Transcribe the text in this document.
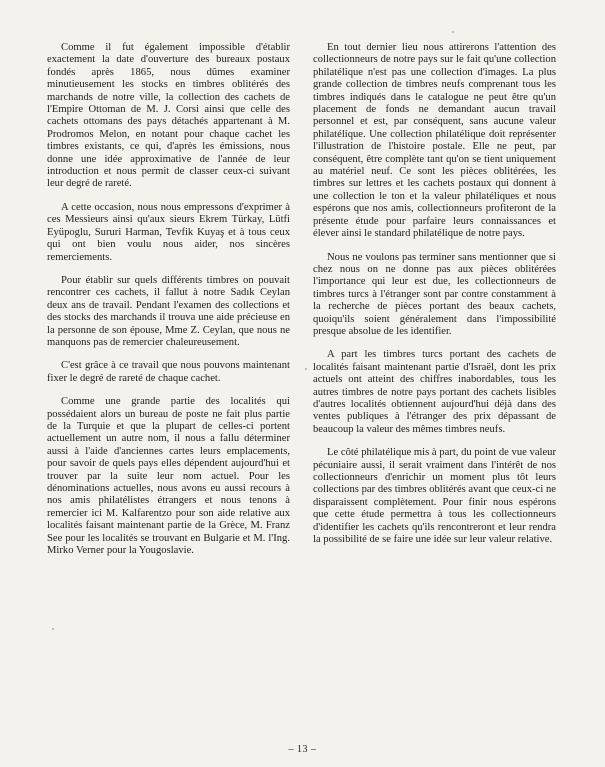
Comme il fut également impossible d'établir exactement la date d'ouverture des bureaux postaux fondés après 1865, nous dûmes examiner minutieusement les stocks en timbres oblitérés des marchands de notre ville, la collection des cachets de l'Empire Ottoman de M. J. Corsi ainsi que celle des cachets ottomans des pays détachés appartenant à M. Prodromos Melon, en notant pour chaque cachet les timbres existants, ce qui, d'après les émissions, nous donne une idée approximative de l'année de leur introduction et nous permit de classer ceux-ci suivant leur degré de rareté.

A cette occasion, nous nous empressons d'exprimer à ces Messieurs ainsi qu'aux sieurs Ekrem Türkay, Lütfi Eyüpoglu, Sururi Harman, Tevfik Kuyaş et à tous ceux qui ont bien voulu nous aider, nos sincères remerciements.

Pour établir sur quels différents timbres on pouvait rencontrer ces cachets, il fallut à notre Sadık Ceylan deux ans de travail. Pendant l'examen des collections et des stocks des marchands il trouva une aide précieuse en la personne de son épouse, Mme Z. Ceylan, que nous ne manquons pas de remercier chaleureusement.

C'est grâce à ce travail que nous pouvons maintenant fixer le degré de rareté de chaque cachet.

Comme une grande partie des localités qui possédaient alors un bureau de poste ne fait plus partie de la Turquie et que la plupart de celles-ci portent actuellement un autre nom, il nous a fallu déterminer aussi à l'aide d'anciennes cartes leurs emplacements, pour savoir de quels pays elles dépendent aujourd'hui et trouver par la suite leur nom actuel. Pour les dénominations actuelles, nous avons eu aussi recours à nos amis philatélistes étrangers et nous tenons à remercier ici M. Kalfarentzo pour son aide relative aux localités faisant maintenant partie de la Grèce, M. Franz See pour les localités se trouvant en Bulgarie et M. l'Ing. Mirko Verner pour la Yougoslavie.

En tout dernier lieu nous attirerons l'attention des collectionneurs de notre pays sur le fait qu'une collection philatélique n'est pas une collection d'images. La plus grande collection de timbres neufs comprenant tous les timbres indiqués dans le catalogue ne peut être qu'un placement de fonds ne demandant aucun travail personnel et est, par conséquent, sans aucune valeur philatélique. Une collection philatélique doit représenter l'illustration de l'histoire postale. Elle ne peut, par conséquent, être complète tant qu'on se tient uniquement au matériel neuf. Ce sont les pièces oblitérées, les timbres sur lettres et les cachets postaux qui donnent à une collection le ton et la valeur philatéliques et nous espérons que nos amis, collectionneurs profiteront de la présente étude pour parfaire leurs connaissances et élever ainsi le standard philatélique de notre pays.

Nous ne voulons pas terminer sans mentionner que si chez nous on ne donne pas aux pièces oblitérées l'importance qui leur est due, les collectionneurs de timbres turcs à l'étranger sont par contre constamment à la recherche de pièces portant des beaux cachets, quoiqu'ils soient généralement dans l'impossibilité presque absolue de les identifier.

A part les timbres turcs portant des cachets de localités faisant maintenant partie d'Israël, dont les prix actuels ont atteint des chiffres inabordables, tous les autres timbres de notre pays portant des cachets lisibles d'autres localités obtiennent aujourd'hui déjà dans des ventes publiques à l'étranger des prix dépassant de beaucoup la valeur des mêmes timbres neufs.

Le côté philatélique mis à part, du point de vue valeur pécuniaire aussi, il serait vraiment dans l'intérêt de nos collectionneurs d'enrichir un moment plus tôt leurs collections par des timbres oblitérés avant que ceux-ci ne disparaissent complètement. Pour finir nous espérons que cette étude permettra à tous les collectionneurs d'identifier les cachets qu'ils rencontreront et leur rendra la possibilité de se faire une idée sur leur valeur relative.

– 13 –
